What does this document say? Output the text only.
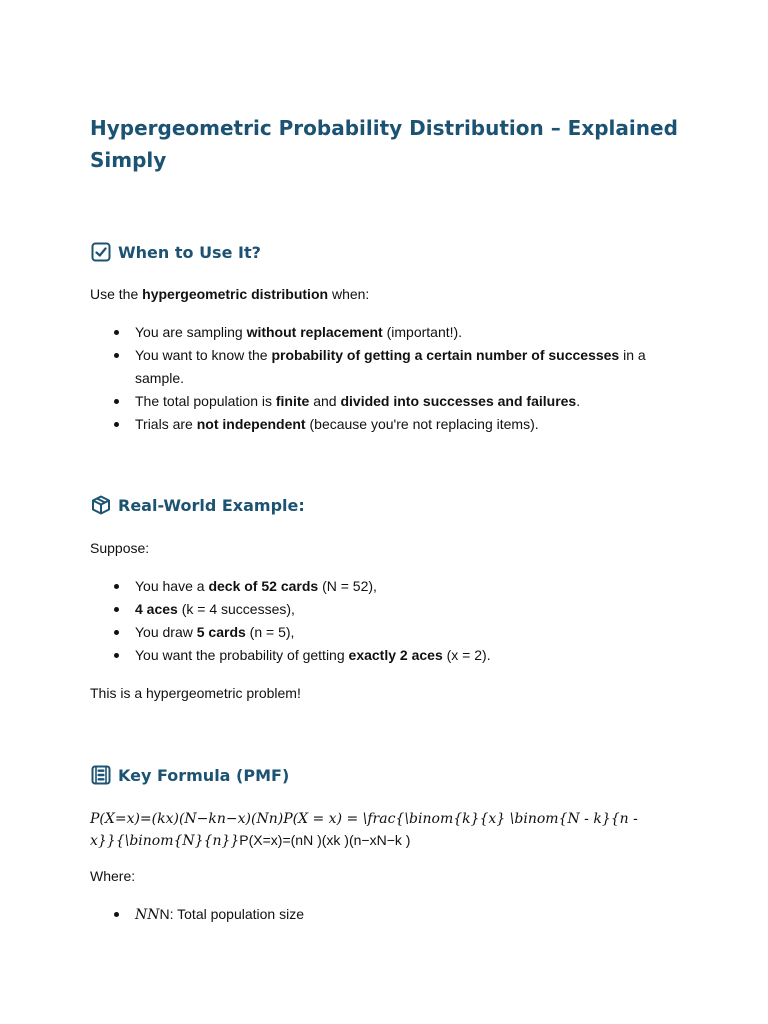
Hypergeometric Probability Distribution – Explained Simply
When to Use It?

Use the hypergeometric distribution when:

You are sampling without replacement (important!).
You want to know the probability of getting a certain number of successes in a sample.
The total population is finite and divided into successes and failures.
Trials are not independent (because you're not replacing items).
Real-World Example:

Suppose:

You have a deck of 52 cards (N = 52),
4 aces (k = 4 successes),
You draw 5 cards (n = 5),
You want the probability of getting exactly 2 aces (x = 2).

This is a hypergeometric problem!

Key Formula (PMF)
P(X=x)=(kx)(N−kn−x)(Nn)P(X = x) = \frac{\binom{k}{x} \binom{N - k}{n - x}}{\binom{N}{n}}P(X=x)=(nN )(xk )(n−xN−k )

Where:

NNN: Total population size
